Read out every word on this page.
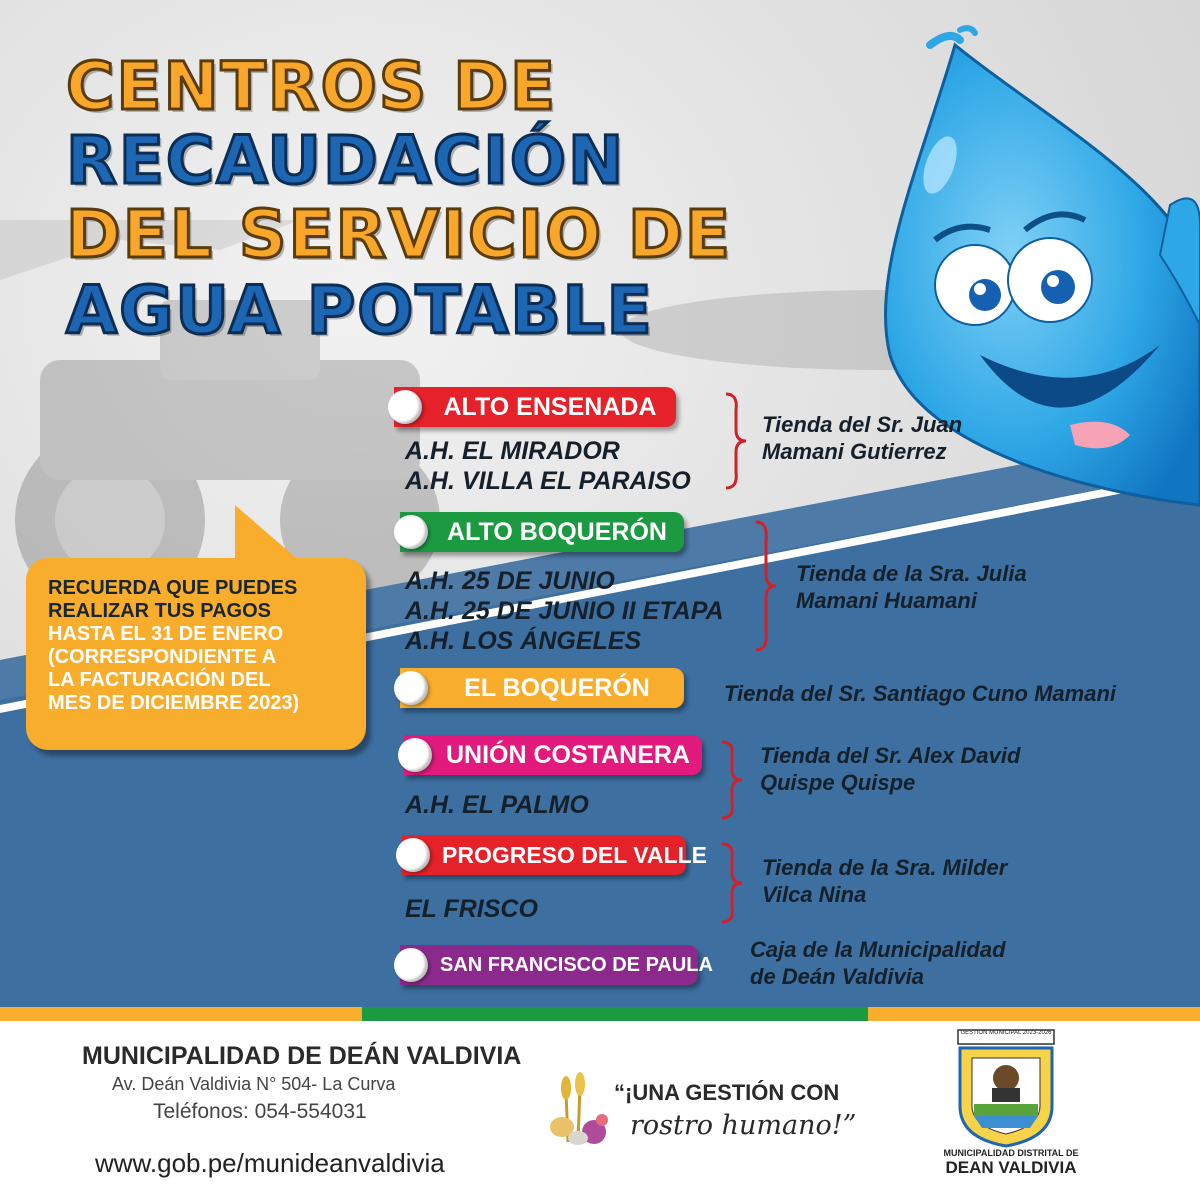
CENTROS DE
RECAUDACIÓN
DEL SERVICIO DE
AGUA POTABLE
RECUERDA QUE PUEDES
REALIZAR TUS PAGOS
HASTA EL 31 DE ENERO
(CORRESPONDIENTE A
LA FACTURACIÓN DEL
MES DE DICIEMBRE 2023)
ALTO ENSENADA
A.H. EL MIRADOR
A.H. VILLA EL PARAISO
Tienda del Sr. Juan
Mamani Gutierrez
ALTO BOQUERÓN
A.H. 25 DE JUNIO
A.H. 25 DE JUNIO II ETAPA
A.H. LOS ÁNGELES
Tienda de la Sra. Julia
Mamani Huamani
EL BOQUERÓN	Tienda del Sr. Santiago Cuno Mamani
UNIÓN COSTANERA
A.H. EL PALMO
Tienda del Sr. Alex David
Quispe Quispe
PROGRESO DEL VALLE
EL FRISCO
Tienda de la Sra. Milder
Vilca Nina
SAN FRANCISCO DE PAULA
Caja de la Municipalidad
de Deán Valdivia
MUNICIPALIDAD DE DEÁN VALDIVIA
Av. Deán Valdivia N° 504- La Curva
Teléfonos: 054-554031
www.gob.pe/munideanvaldivia
“¡UNA GESTIÓN CON
rostro humano!”
GESTIÓN MUNICIPAL 2023-2026
MUNICIPALIDAD DISTRITAL DE
DEAN VALDIVIA
